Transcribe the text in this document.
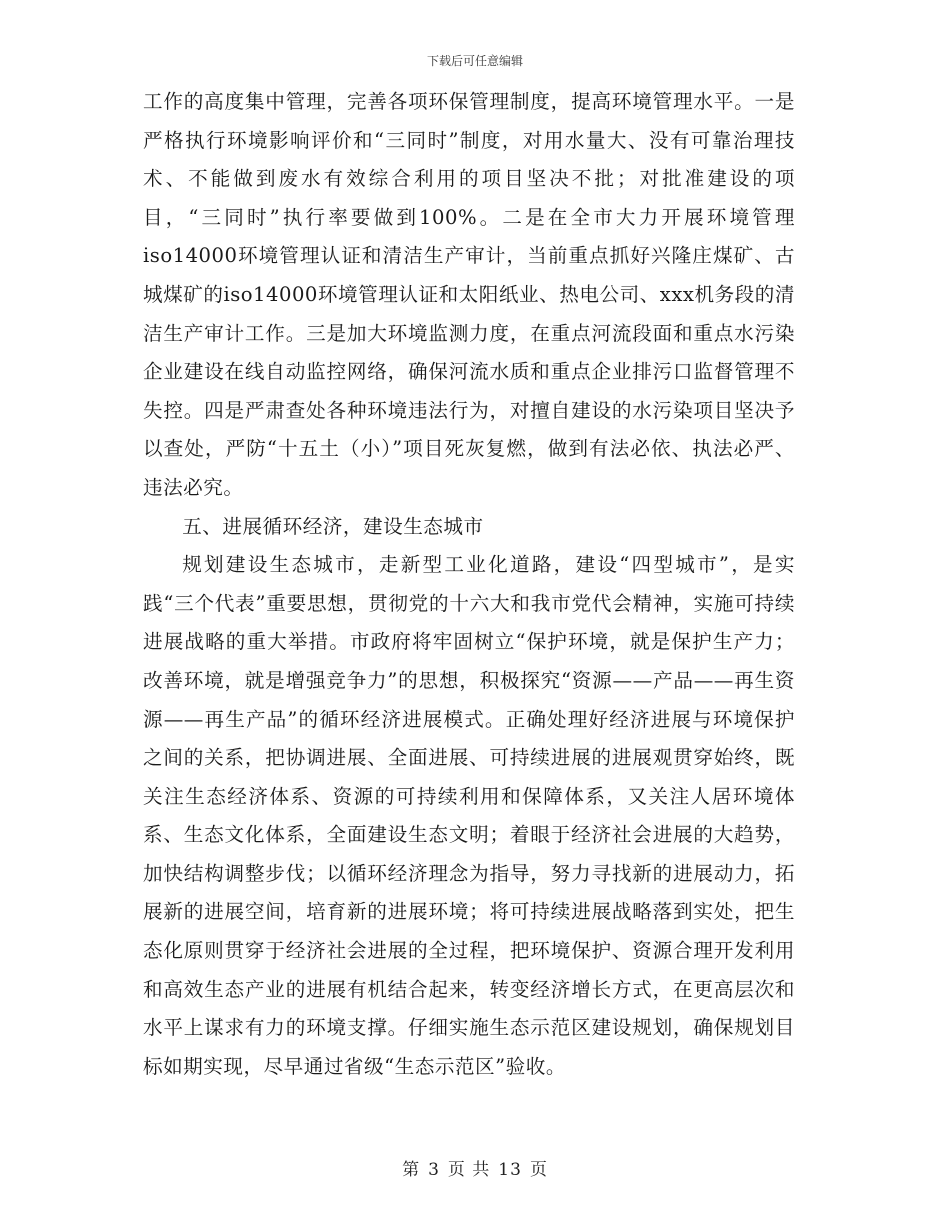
下载后可任意编辑

工作的高度集中管理，完善各项环保管理制度，提高环境管理水平。一是严格执行环境影响评价和“三同时”制度，对用水量大、没有可靠治理技术、不能做到废水有效综合利用的项目坚决不批；对批准建设的项目，“三同时”执行率要做到100%。二是在全市大力开展环境管理iso14000环境管理认证和清洁生产审计，当前重点抓好兴隆庄煤矿、古城煤矿的iso14000环境管理认证和太阳纸业、热电公司、xxx机务段的清洁生产审计工作。三是加大环境监测力度，在重点河流段面和重点水污染企业建设在线自动监控网络，确保河流水质和重点企业排污口监督管理不失控。四是严肃查处各种环境违法行为，对擅自建设的水污染项目坚决予以查处，严防“十五土（小）”项目死灰复燃，做到有法必依、执法必严、违法必究。

五、进展循环经济，建设生态城市

规划建设生态城市，走新型工业化道路，建设“四型城市”，是实践“三个代表”重要思想，贯彻党的十六大和我市党代会精神，实施可持续进展战略的重大举措。市政府将牢固树立“保护环境，就是保护生产力；改善环境，就是增强竞争力”的思想，积极探究“资源——产品——再生资源——再生产品”的循环经济进展模式。正确处理好经济进展与环境保护之间的关系，把协调进展、全面进展、可持续进展的进展观贯穿始终，既关注生态经济体系、资源的可持续利用和保障体系，又关注人居环境体系、生态文化体系，全面建设生态文明；着眼于经济社会进展的大趋势，加快结构调整步伐；以循环经济理念为指导，努力寻找新的进展动力，拓展新的进展空间，培育新的进展环境；将可持续进展战略落到实处，把生态化原则贯穿于经济社会进展的全过程，把环境保护、资源合理开发利用和高效生态产业的进展有机结合起来，转变经济增长方式，在更高层次和水平上谋求有力的环境支撑。仔细实施生态示范区建设规划，确保规划目标如期实现，尽早通过省级“生态示范区”验收。

第 3 页 共 13 页
